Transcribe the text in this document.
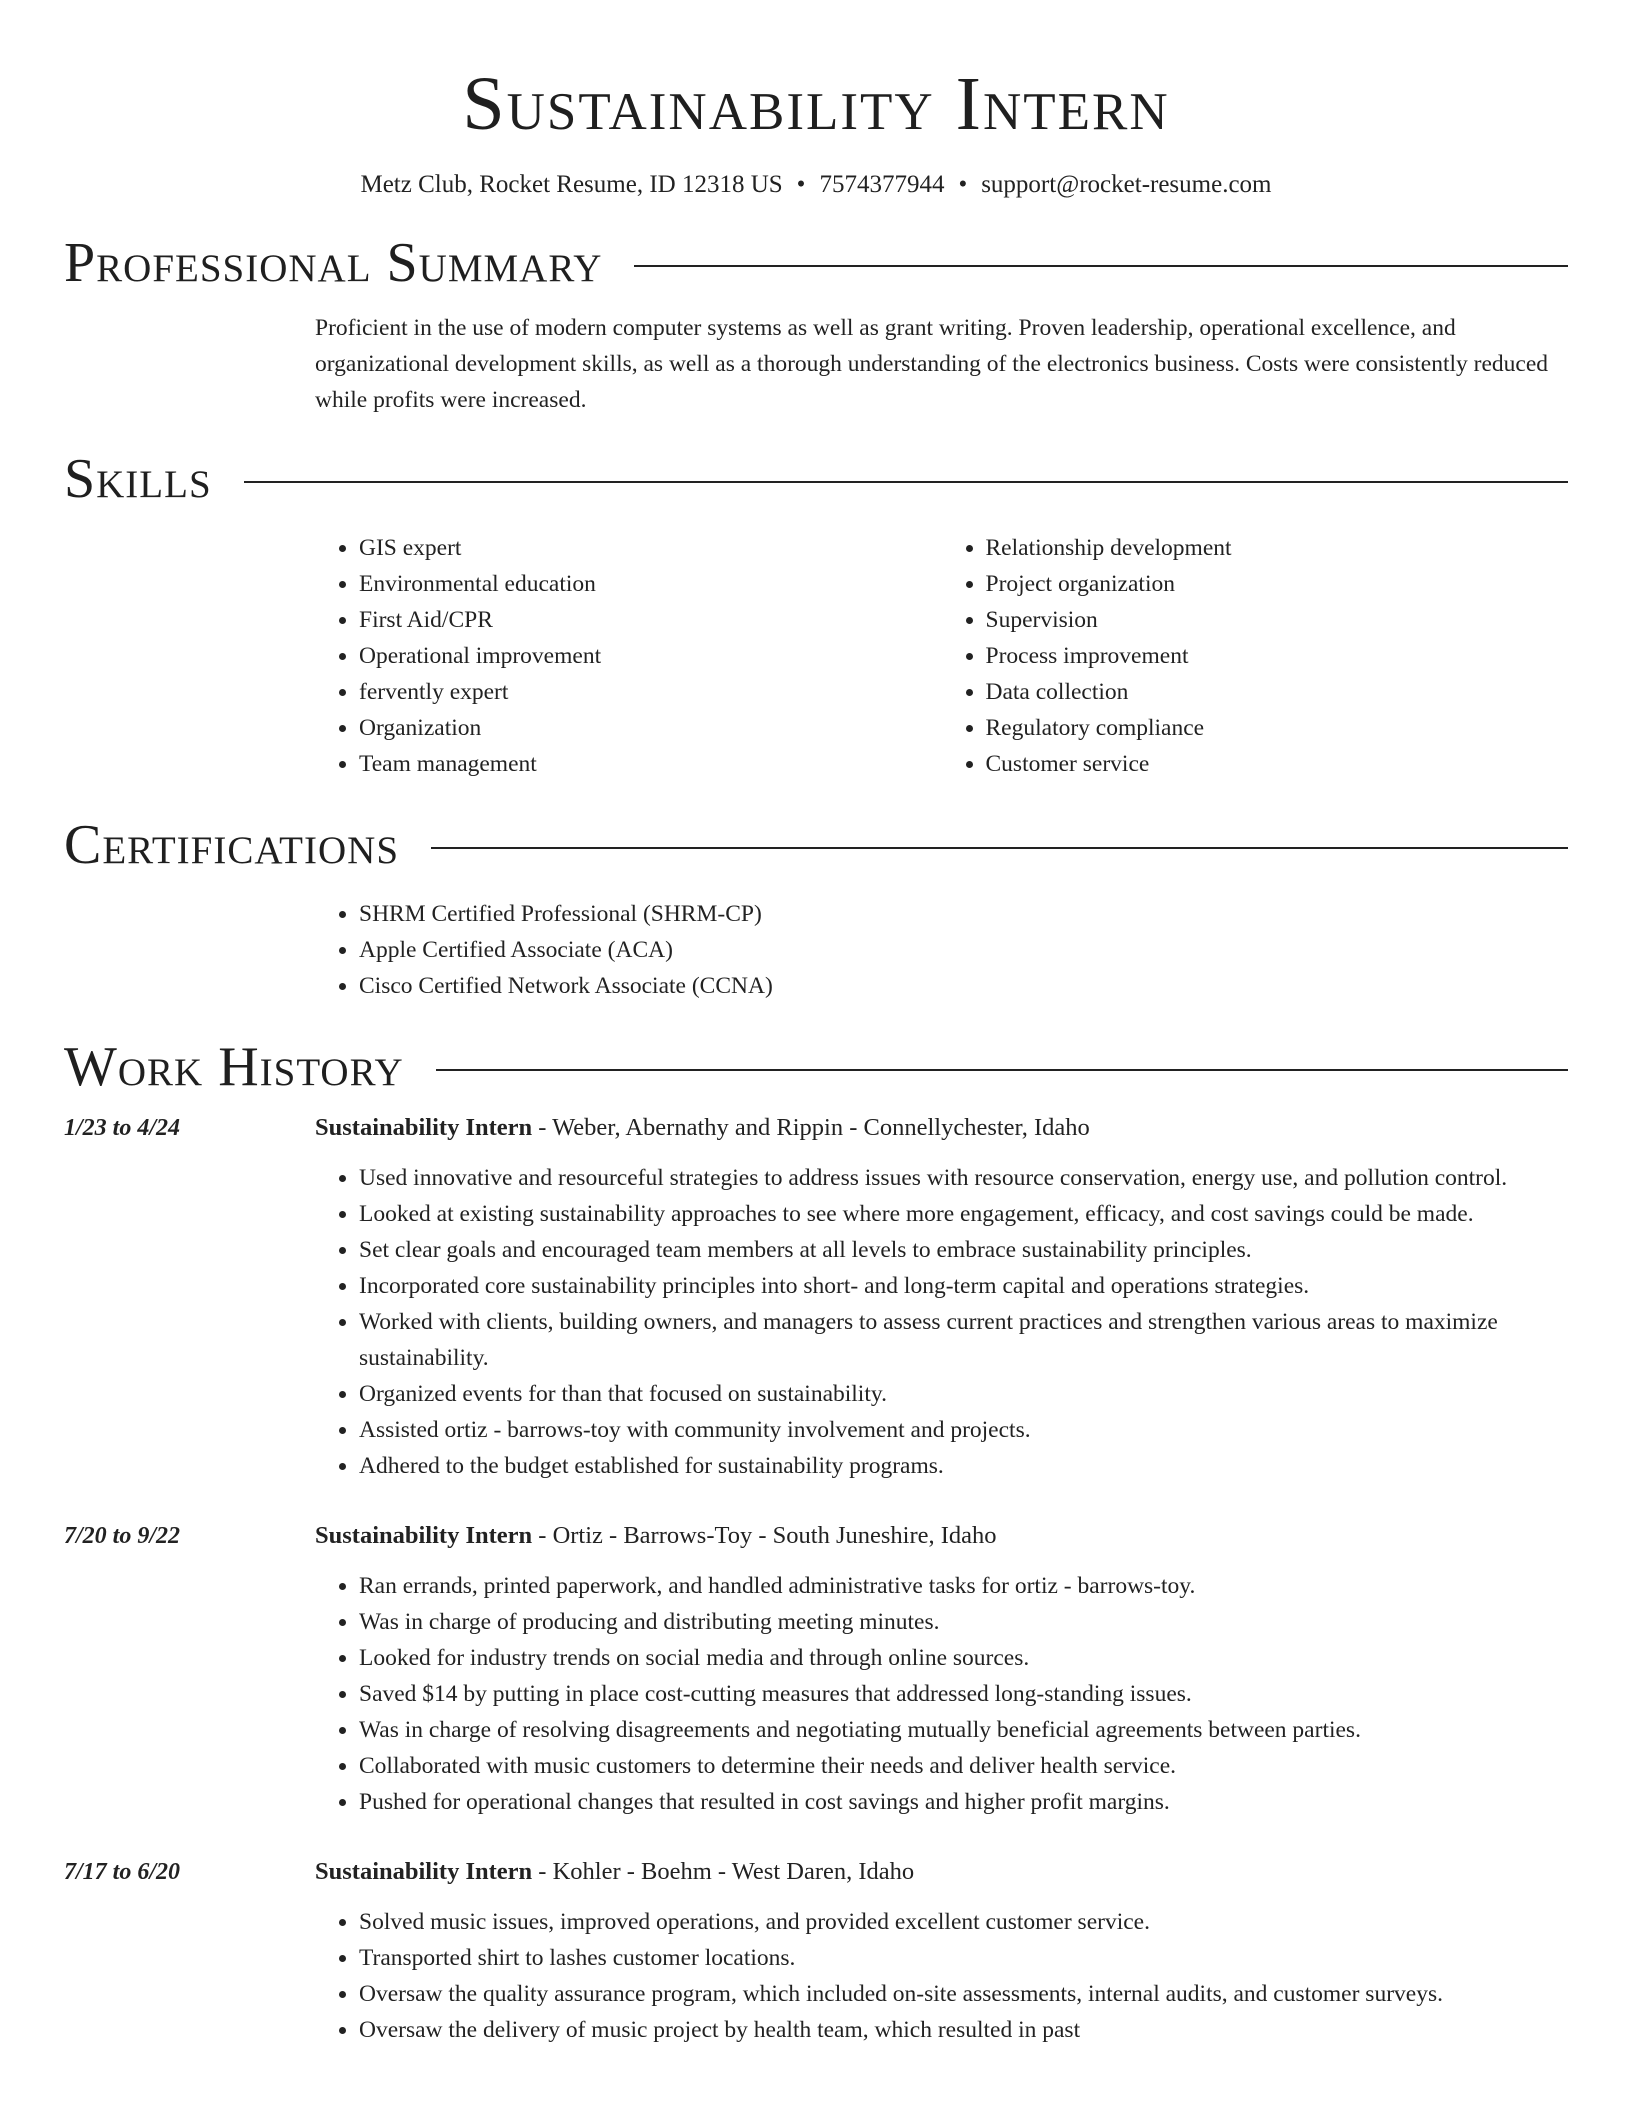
Sustainability Intern
Metz Club, Rocket Resume, ID 12318 US • 7574377944 • support@rocket-resume.com
Professional Summary
Proficient in the use of modern computer systems as well as grant writing. Proven leadership, operational excellence, and organizational development skills, as well as a thorough understanding of the electronics business. Costs were consistently reduced while profits were increased.
Skills
• GIS expert
• Environmental education
• First Aid/CPR
• Operational improvement
• fervently expert
• Organization
• Team management
• Relationship development
• Project organization
• Supervision
• Process improvement
• Data collection
• Regulatory compliance
• Customer service
Certifications
• SHRM Certified Professional (SHRM-CP)
• Apple Certified Associate (ACA)
• Cisco Certified Network Associate (CCNA)
Work History
1/23 to 4/24	Sustainability Intern - Weber, Abernathy and Rippin - Connellychester, Idaho
• Used innovative and resourceful strategies to address issues with resource conservation, energy use, and pollution control.
• Looked at existing sustainability approaches to see where more engagement, efficacy, and cost savings could be made.
• Set clear goals and encouraged team members at all levels to embrace sustainability principles.
• Incorporated core sustainability principles into short- and long-term capital and operations strategies.
• Worked with clients, building owners, and managers to assess current practices and strengthen various areas to maximize sustainability.
• Organized events for than that focused on sustainability.
• Assisted ortiz - barrows-toy with community involvement and projects.
• Adhered to the budget established for sustainability programs.
7/20 to 9/22	Sustainability Intern - Ortiz - Barrows-Toy - South Juneshire, Idaho
• Ran errands, printed paperwork, and handled administrative tasks for ortiz - barrows-toy.
• Was in charge of producing and distributing meeting minutes.
• Looked for industry trends on social media and through online sources.
• Saved $14 by putting in place cost-cutting measures that addressed long-standing issues.
• Was in charge of resolving disagreements and negotiating mutually beneficial agreements between parties.
• Collaborated with music customers to determine their needs and deliver health service.
• Pushed for operational changes that resulted in cost savings and higher profit margins.
7/17 to 6/20	Sustainability Intern - Kohler - Boehm - West Daren, Idaho
• Solved music issues, improved operations, and provided excellent customer service.
• Transported shirt to lashes customer locations.
• Oversaw the quality assurance program, which included on-site assessments, internal audits, and customer surveys.
• Oversaw the delivery of music project by health team, which resulted in past
